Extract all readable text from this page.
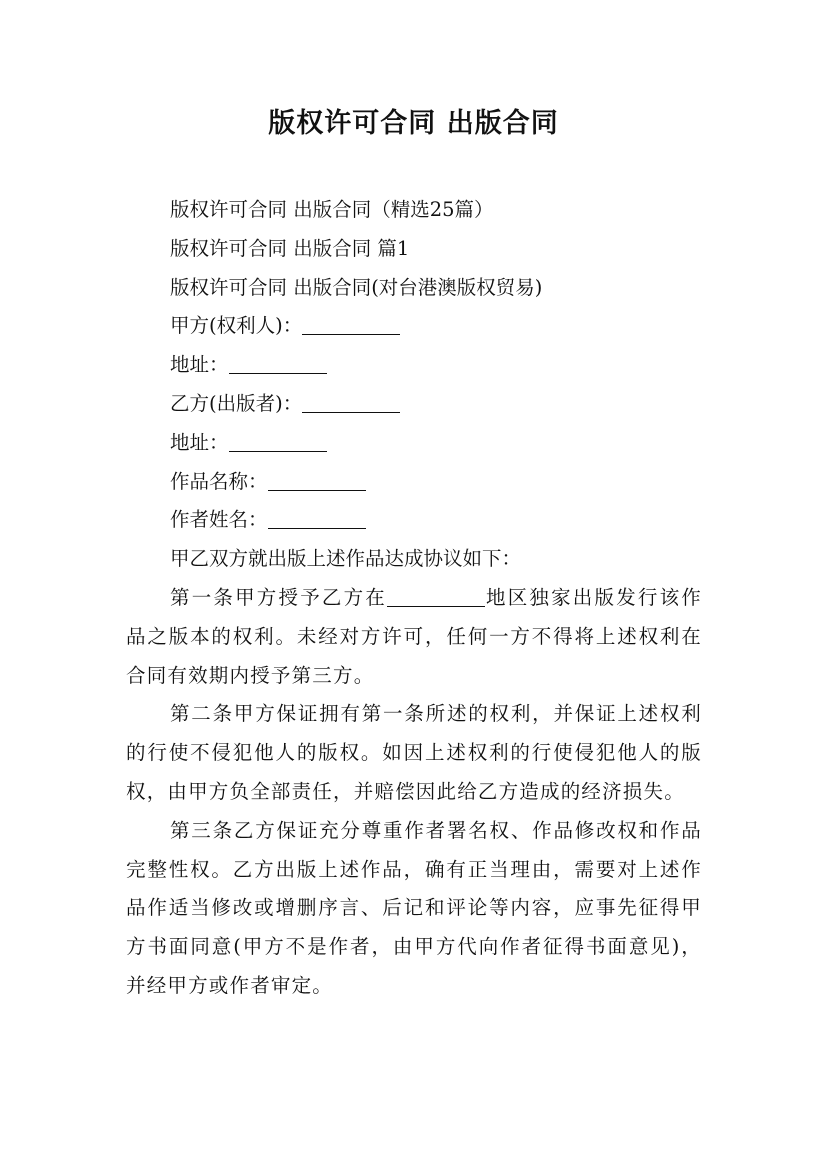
版权许可合同 出版合同

版权许可合同 出版合同（精选25篇）

版权许可合同 出版合同 篇1

版权许可合同 出版合同(对台港澳版权贸易)

甲方(权利人)：

地址：

乙方(出版者)：

地址：

作品名称：

作者姓名：

甲乙双方就出版上述作品达成协议如下：

第一条甲方授予乙方在	地区独家出版发行该作品之版本的权利。未经对方许可，任何一方不得将上述权利在合同有效期内授予第三方。

第二条甲方保证拥有第一条所述的权利，并保证上述权利的行使不侵犯他人的版权。如因上述权利的行使侵犯他人的版权，由甲方负全部责任，并赔偿因此给乙方造成的经济损失。

第三条乙方保证充分尊重作者署名权、作品修改权和作品完整性权。乙方出版上述作品，确有正当理由，需要对上述作品作适当修改或增删序言、后记和评论等内容，应事先征得甲方书面同意(甲方不是作者，由甲方代向作者征得书面意见)，并经甲方或作者审定。
